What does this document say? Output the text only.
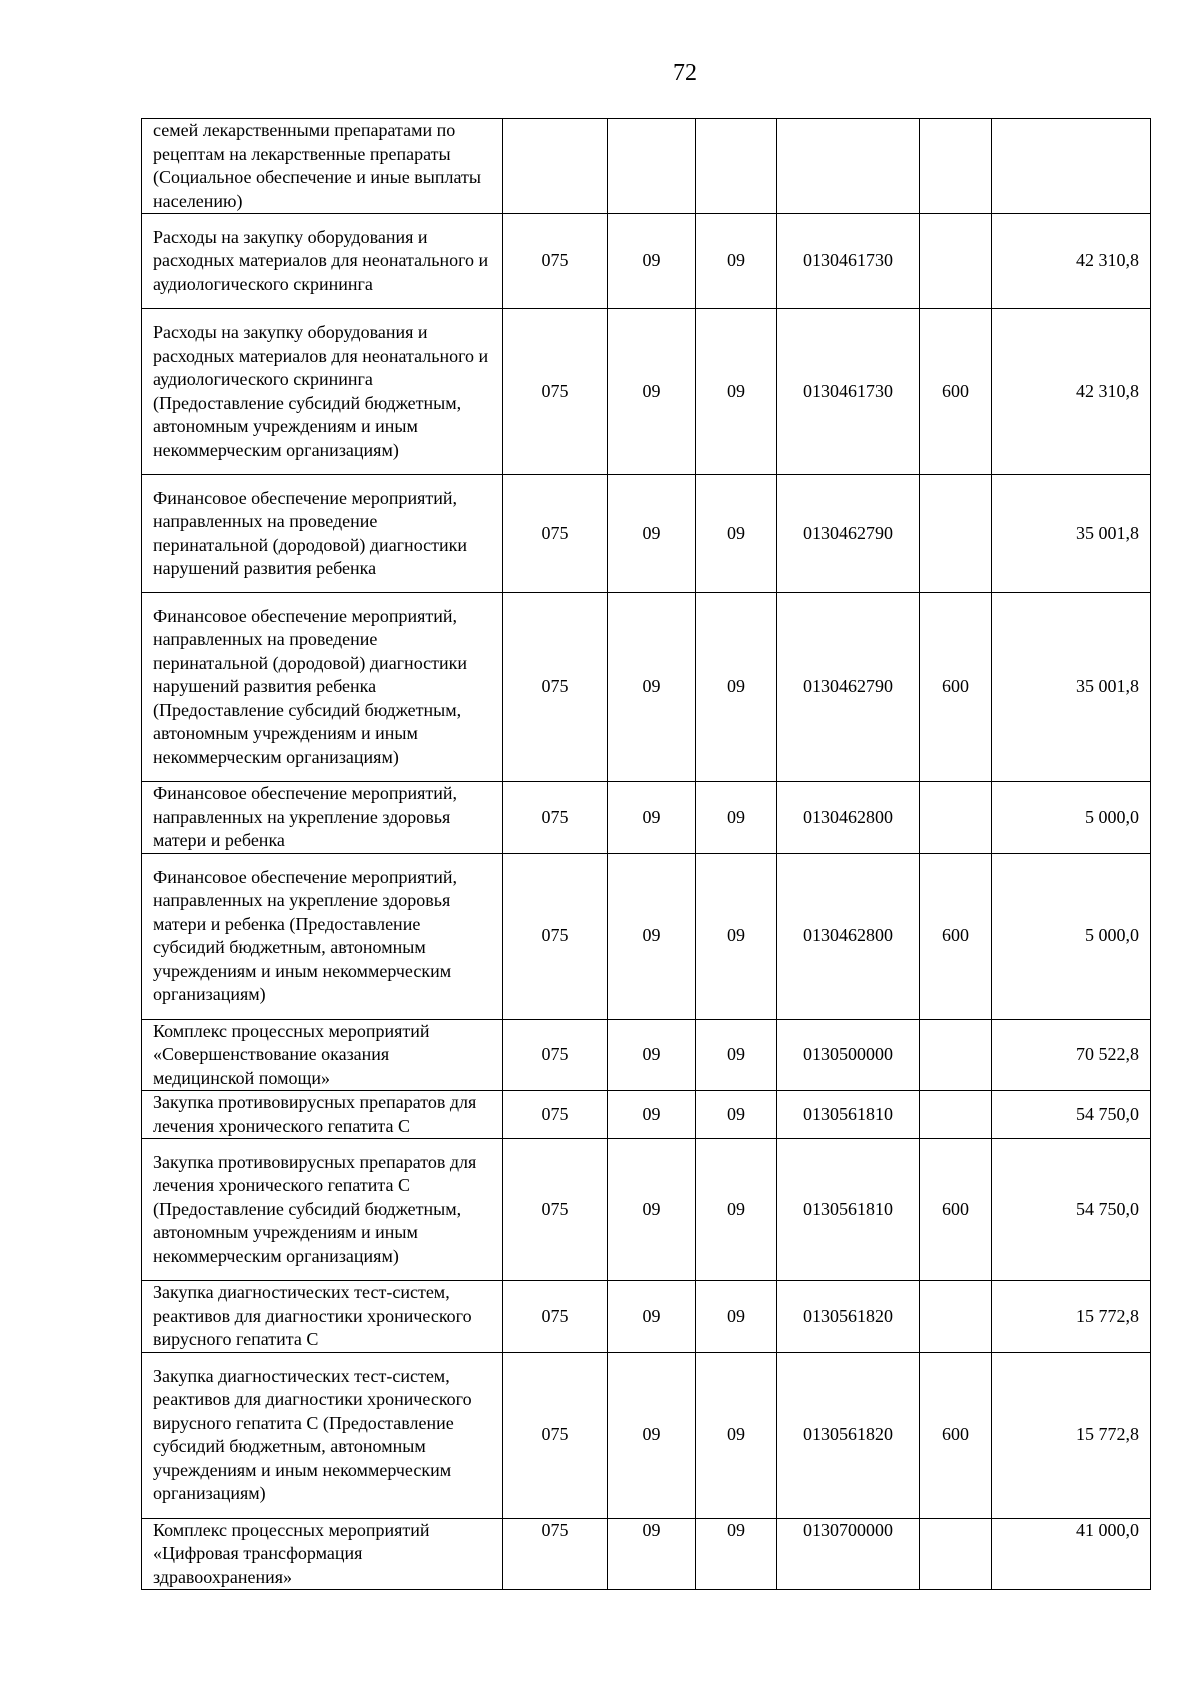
72
семей лекарственными препаратами по рецептам на лекарственные препараты (Социальное обеспечение и иные выплаты населению)						
Расходы на закупку оборудования и расходных материалов для неонатального и аудиологического скрининга	075	09	09	0130461730		42 310,8
Расходы на закупку оборудования и расходных материалов для неонатального и аудиологического скрининга (Предоставление субсидий бюджетным, автономным учреждениям и иным некоммерческим организациям)	075	09	09	0130461730	600	42 310,8
Финансовое обеспечение мероприятий, направленных на проведение перинатальной (дородовой) диагностики нарушений развития ребенка	075	09	09	0130462790		35 001,8
Финансовое обеспечение мероприятий, направленных на проведение перинатальной (дородовой) диагностики нарушений развития ребенка (Предоставление субсидий бюджетным, автономным учреждениям и иным некоммерческим организациям)	075	09	09	0130462790	600	35 001,8
Финансовое обеспечение мероприятий, направленных на укрепление здоровья матери и ребенка	075	09	09	0130462800		5 000,0
Финансовое обеспечение мероприятий, направленных на укрепление здоровья матери и ребенка (Предоставление субсидий бюджетным, автономным учреждениям и иным некоммерческим организациям)	075	09	09	0130462800	600	5 000,0
Комплекс процессных мероприятий «Совершенствование оказания медицинской помощи»	075	09	09	0130500000		70 522,8
Закупка противовирусных препаратов для лечения хронического гепатита С	075	09	09	0130561810		54 750,0
Закупка противовирусных препаратов для лечения хронического гепатита С (Предоставление субсидий бюджетным, автономным учреждениям и иным некоммерческим организациям)	075	09	09	0130561810	600	54 750,0
Закупка диагностических тест-систем, реактивов для диагностики хронического вирусного гепатита С	075	09	09	0130561820		15 772,8
Закупка диагностических тест-систем, реактивов для диагностики хронического вирусного гепатита С (Предоставление субсидий бюджетным, автономным учреждениям и иным некоммерческим организациям)	075	09	09	0130561820	600	15 772,8
Комплекс процессных мероприятий «Цифровая трансформация здравоохранения»	075	09	09	0130700000		41 000,0
